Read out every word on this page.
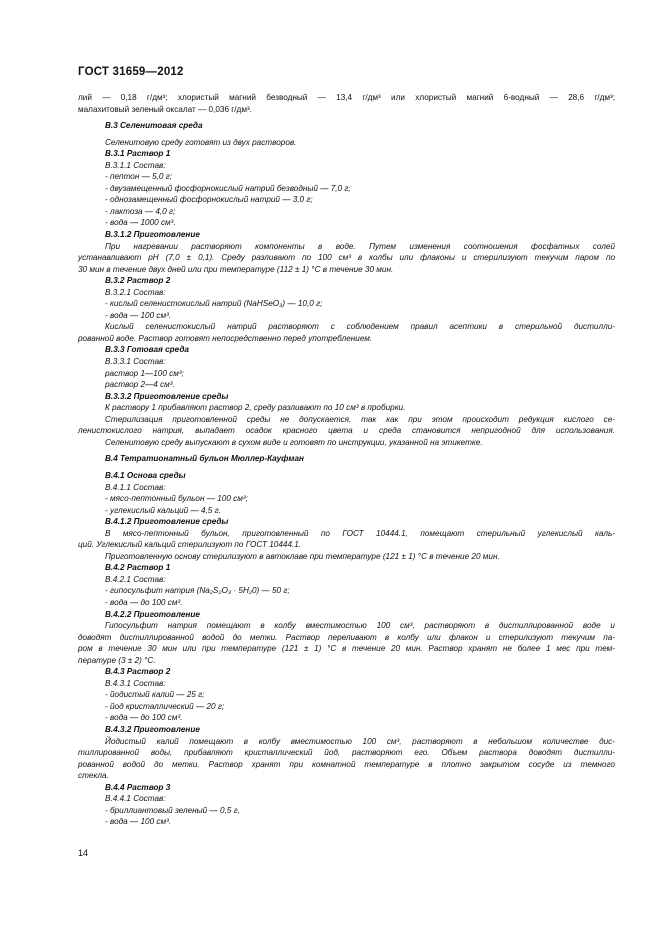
ГОСТ 31659—2012
лий — 0,18 г/дм³; хлористый магний безводный — 13,4 г/дм³ или хлористый магний 6-водный — 28,6 г/дм³;
малахитовый зеленый оксалат — 0,036 г/дм³.
В.3 Селенитовая среда
Селенитовую среду готовят из двух растворов.
В.3.1 Раствор 1
В.3.1.1 Состав:
- пептон — 5,0 г;
- двузамещенный фосфорнокислый натрий безводный — 7,0 г;
- однозамещенный фосфорнокислый натрий — 3,0 г;
- лактоза — 4,0 г;
- вода — 1000 см³.
В.3.1.2 Приготовление
При нагревании растворяют компоненты в воде. Путем изменения соотношения фосфатных солей
устанавливают pH (7,0 ± 0,1). Среду разливают по 100 см³ в колбы или флаконы и стерилизуют текучим паром по
30 мин в течение двух дней или при температуре (112 ± 1) °С в течение 30 мин.
В.3.2 Раствор 2
В.3.2.1 Состав:
- кислый селенистокислый натрий (NaHSeO₃) — 10,0 г;
- вода — 100 см³.
Кислый селенистокислый натрий растворяют с соблюдением правил асептики в стерильной дистилли-
рованной воде. Раствор готовят непосредственно перед употреблением.
В.3.3 Готовая среда
В.3.3.1 Состав:
раствор 1—100 см³;
раствор 2—4 см³.
В.3.3.2 Приготовление среды
К раствору 1 прибавляют раствор 2, среду разливают по 10 см³ в пробирки.
Стерилизация приготовленной среды не допускается, так как при этом происходит редукция кислого се-
ленистокислого натрия, выпадает осадок красного цвета и среда становится непригодной для использования.
Селенитовую среду выпускают в сухом виде и готовят по инструкции, указанной на этикетке.
В.4 Тетратионатный бульон Мюллер-Кауфман
В.4.1 Основа среды
В.4.1.1 Состав:
- мясо-пептонный бульон — 100 см³;
- углекислый кальций — 4,5 г.
В.4.1.2 Приготовление среды
В мясо-пептонный бульон, приготовленный по ГОСТ 10444.1, помещают стерильный углекислый каль-
ций. Углекислый кальций стерилизуют по ГОСТ 10444.1.
Приготовленную основу стерилизуют в автоклаве при температуре (121 ± 1) °С в течение 20 мин.
В.4.2 Раствор 1
В.4.2.1 Состав:
- гипосульфит натрия (Na₂S₂O₃ · 5H₂0) — 50 г;
- вода — до 100 см³.
В.4.2.2 Приготовление
Гипосульфит натрия помещают в колбу вместимостью 100 см³, растворяют в дистиллированной воде и
доводят дистиллированной водой до метки. Раствор переливают в колбу или флакон и стерилизуют текучим па-
ром в течение 30 мин или при температуре (121 ± 1) °С в течение 20 мин. Раствор хранят не более 1 мес при тем-
пературе (3 ± 2) °С.
В.4.3 Раствор 2
В.4.3.1 Состав:
- йодистый калий — 25 г;
- йод кристаллический — 20 г;
- вода — до 100 см³.
В.4.3.2 Приготовление
Йодистый калий помещают в колбу вместимостью 100 см³, растворяют в небольшом количестве дис-
тиллированной воды, прибавляют кристаллический йод, растворяют его. Объем раствора доводят дистилли-
рованной водой до метки. Раствор хранят при комнатной температуре в плотно закрытом сосуде из темного
стекла.
В.4.4 Раствор 3
В.4.4.1 Состав:
- бриллиантовый зеленый — 0,5 г,
- вода — 100 см³.
14
